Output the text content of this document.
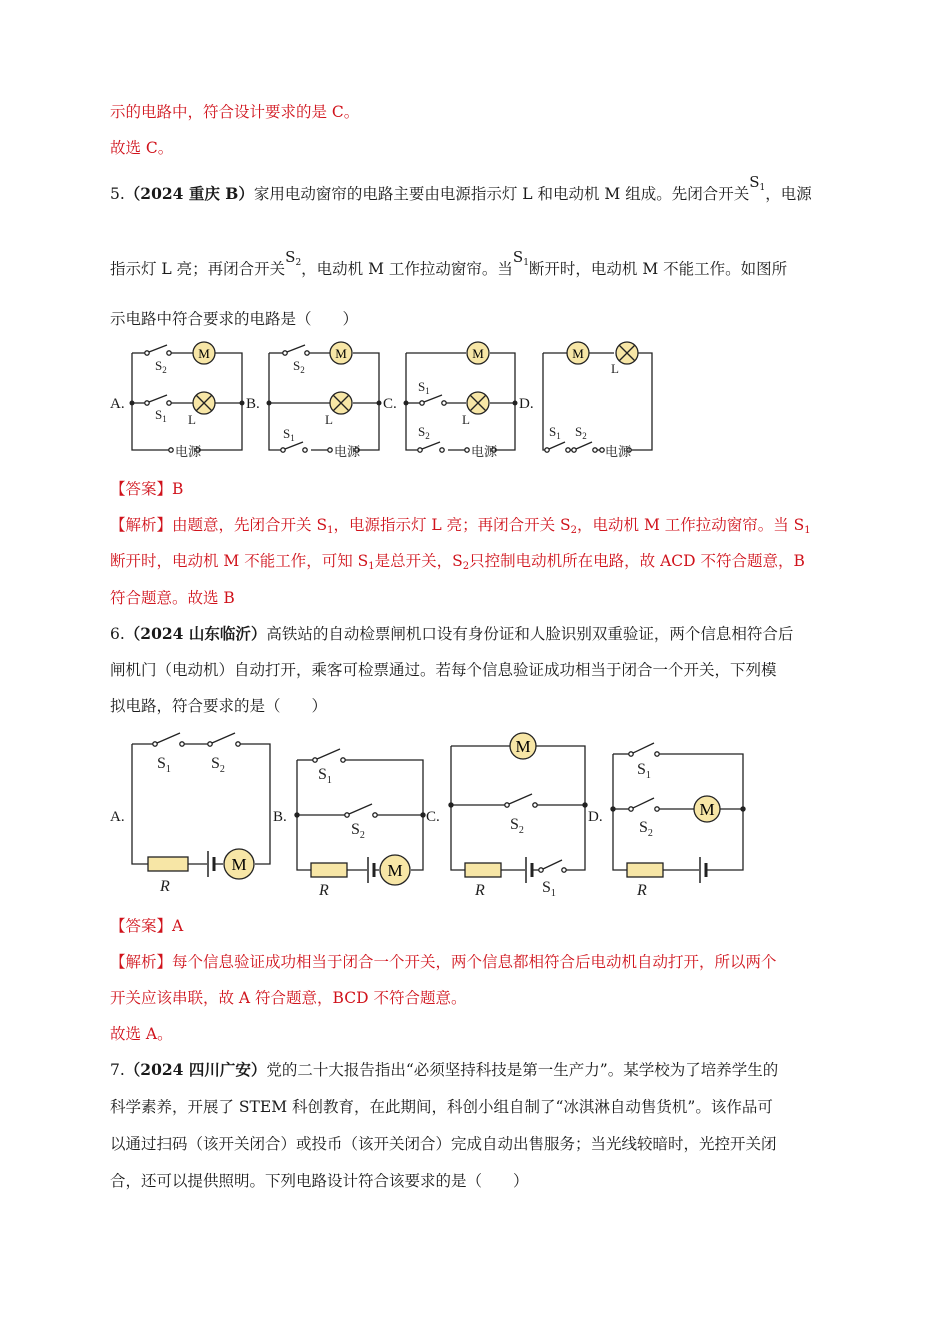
示的电路中，符合设计要求的是 C。
故选 C。
5.（2024 重庆 B）家用电动窗帘的电路主要由电源指示灯 L 和电动机 M 组成。先闭合开关$S_1$，电源
指示灯 L 亮；再闭合开关$S_2$，电动机 M 工作拉动窗帘。当$S_1$断开时，电动机 M 不能工作。如图所
示电路中符合要求的电路是（　　）
M	M	M	M
$S_2$
$S_1$ L
电源
$S_2$
L
$S_1$
电源
$S_1$
L
$S_2$
电源
L
$S_1$ $S_2$
电源
A.	B.	C.	D.
【答案】B
【解析】由题意，先闭合开关 $S_1$，电源指示灯 L 亮；再闭合开关 $S_2$，电动机 M 工作拉动窗帘。当 $S_1$
断开时，电动机 M 不能工作，可知 $S_1$是总开关，$S_2$只控制电动机所在电路，故 ACD 不符合题意，B
符合题意。故选 B
6.（2024 山东临沂）高铁站的自动检票闸机口设有身份证和人脸识别双重验证，两个信息相符合后
闸机门（电动机）自动打开，乘客可检票通过。若每个信息验证成功相当于闭合一个开关，下列模
拟电路，符合要求的是（　　）
M	M
M
M
$S_1$	$S_2$
R
$S_1$
$S_2$
R
$S_2$
R	$S_1$
$S_1$
$S_2$
R
A.	B.	C.	D.
【答案】A
【解析】每个信息验证成功相当于闭合一个开关，两个信息都相符合后电动机自动打开，所以两个
开关应该串联，故 A 符合题意，BCD 不符合题意。
故选 A。
7.（2024 四川广安）党的二十大报告指出“必须坚持科技是第一生产力”。某学校为了培养学生的
科学素养，开展了 STEM 科创教育，在此期间，科创小组自制了“冰淇淋自动售货机”。该作品可
以通过扫码（该开关闭合）或投币（该开关闭合）完成自动出售服务；当光线较暗时，光控开关闭
合，还可以提供照明。下列电路设计符合该要求的是（　　）
